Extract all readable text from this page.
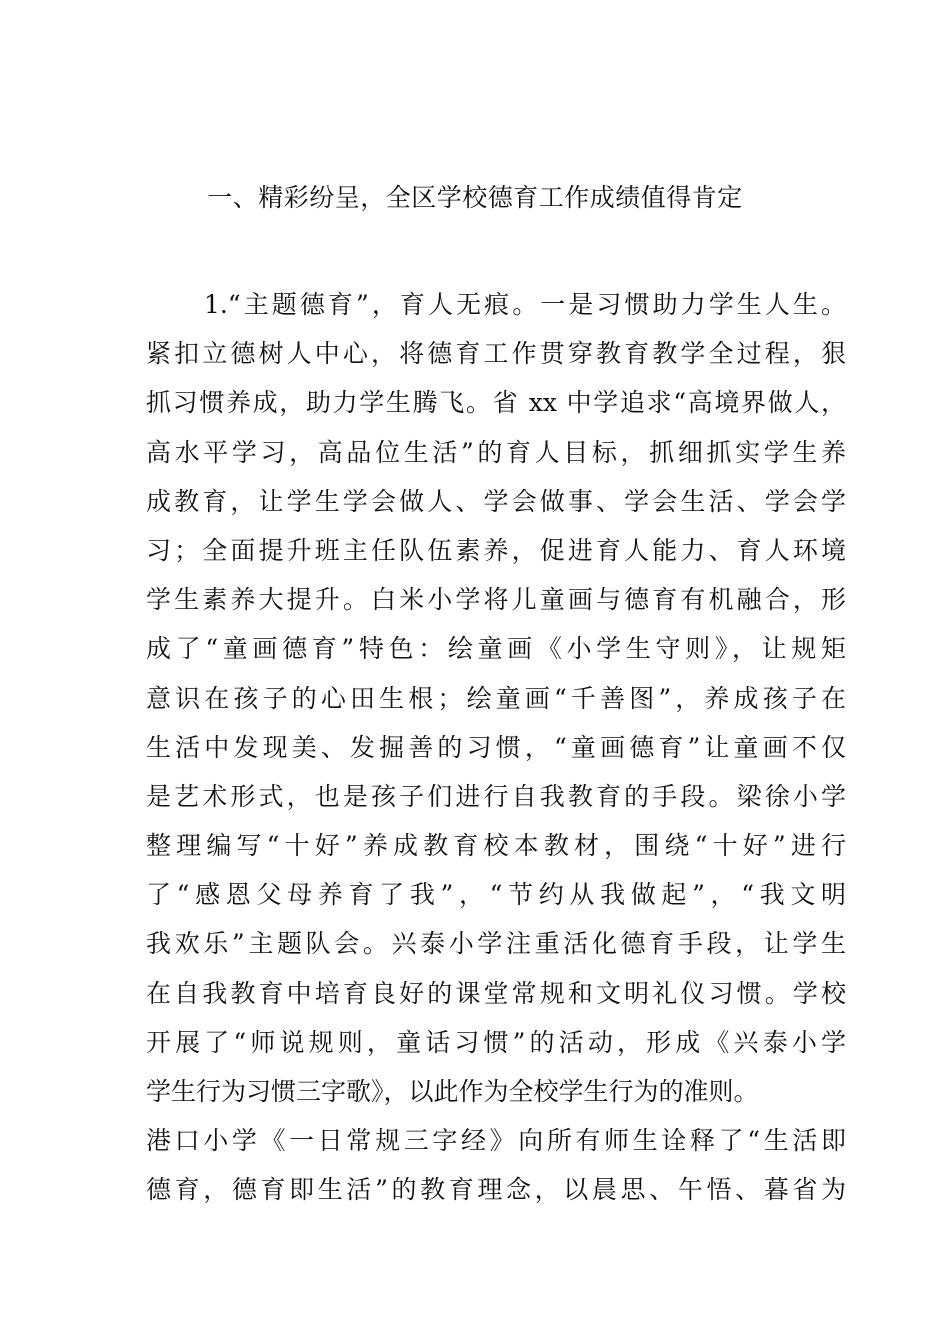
一、精彩纷呈，全区学校德育工作成绩值得肯定
1.“主题德育”，育人无痕。一是习惯助力学生人生。
紧扣立德树人中心，将德育工作贯穿教育教学全过程，狠
抓习惯养成，助力学生腾飞。省 xx 中学追求“高境界做人，
高水平学习，高品位生活”的育人目标，抓细抓实学生养
成教育，让学生学会做人、学会做事、学会生活、学会学
习；全面提升班主任队伍素养，促进育人能力、育人环境
学生素养大提升。白米小学将儿童画与德育有机融合，形
成了“童画德育”特色：绘童画《小学生守则》，让规矩
意识在孩子的心田生根；绘童画“千善图”，养成孩子在
生活中发现美、发掘善的习惯，“童画德育”让童画不仅
是艺术形式，也是孩子们进行自我教育的手段。梁徐小学
整理编写“十好”养成教育校本教材，围绕“十好”进行
了“感恩父母养育了我”，“节约从我做起”，“我文明
我欢乐”主题队会。兴泰小学注重活化德育手段，让学生
在自我教育中培育良好的课堂常规和文明礼仪习惯。学校
开展了“师说规则，童话习惯”的活动，形成《兴泰小学
学生行为习惯三字歌》，以此作为全校学生行为的准则。
港口小学《一日常规三字经》向所有师生诠释了“生活即
德育，德育即生活”的教育理念，以晨思、午悟、暮省为
